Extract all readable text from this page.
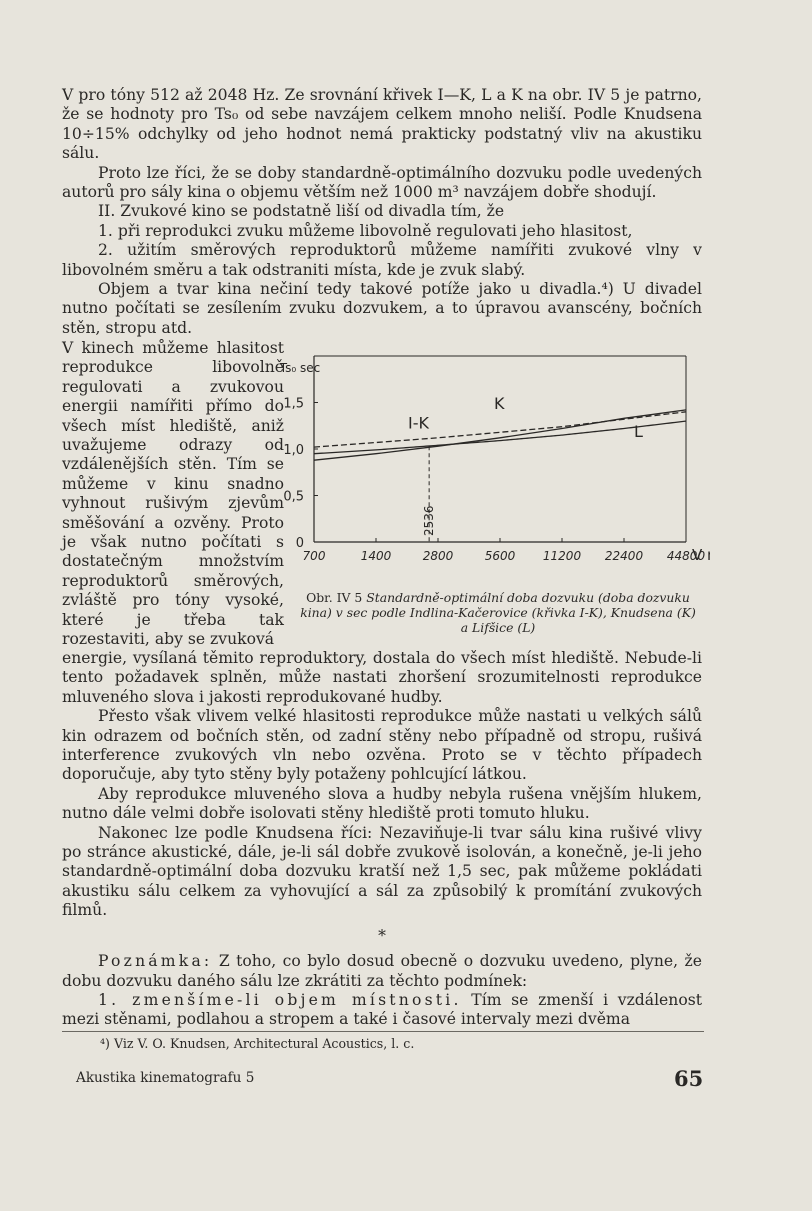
V pro tóny 512 až 2048 Hz. Ze srovnání křivek I—K, L a K na obr. IV 5 je patrno, že se hodnoty pro Ts₀ od sebe navzájem celkem mnoho neliší. Podle Knudsena 10÷15% odchylky od jeho hodnot nemá prakticky podstatný vliv na akustiku sálu.

Proto lze říci, že se doby standardně-optimálního dozvuku podle uvedených autorů pro sály kina o objemu větším než 1000 m³ navzájem dobře shodují.

II. Zvukové kino se podstatně liší od divadla tím, že

1. při reprodukci zvuku můžeme libovolně regulovati jeho hlasitost,

2. užitím směrových reproduktorů můžeme namířiti zvukové vlny v libovolném směru a tak odstraniti místa, kde je zvuk slabý.

Objem a tvar kina nečiní tedy takové potíže jako u divadla.⁴) U divadel nutno počítati se zesílením zvuku dozvukem, a to úpravou avanscény, bočních stěn, stropu atd.

V kinech můžeme hlasitost reprodukce libovolně regulovati a zvukovou energii namířiti přímo do všech míst hlediště, aniž uvažujeme odrazy od vzdálenějších stěn. Tím se můžeme v kinu snadno vyhnout rušivým zjevům směšování a ozvěny. Proto je však nutno počítati s dostatečným množstvím reproduktorů směrových, zvláště pro tóny vysoké, které je třeba tak rozestaviti, aby se zvuková

700	1400	2800	5600 11200 22400 44800
0
0,5
1,0
1,5
Ts₀ sec
V
I-K
K
L
2536
Obr. IV 5 Standardně-optimální doba dozvuku (doba dozvuku kina) v sec podle Indlina-Kačerovice (křivka I-K), Knudsena (K) a Lifšice (L)

energie, vysílaná těmito reproduktory, dostala do všech míst hlediště. Nebude-li tento požadavek splněn, může nastati zhoršení srozumitelnosti reprodukce mluveného slova i jakosti reprodukované hudby.

Přesto však vlivem velké hlasitosti reprodukce může nastati u velkých sálů kin odrazem od bočních stěn, od zadní stěny nebo případně od stropu, rušivá interference zvukových vln nebo ozvěna. Proto se v těchto případech doporučuje, aby tyto stěny byly potaženy pohlcující látkou.

Aby reprodukce mluveného slova a hudby nebyla rušena vnějším hlukem, nutno dále velmi dobře isolovati stěny hlediště proti tomuto hluku.

Nakonec lze podle Knudsena říci: Nezaviňuje-li tvar sálu kina rušivé vlivy po stránce akustické, dále, je-li sál dobře zvukově isolován, a konečně, je-li jeho standardně-optimální doba dozvuku kratší než 1,5 sec, pak můžeme pokládati akustiku sálu celkem za vyhovující a sál za způsobilý k promítání zvukových filmů.

*

Poznámka: Z toho, co bylo dosud obecně o dozvuku uvedeno, plyne, že dobu dozvuku daného sálu lze zkrátiti za těchto podmínek:

1. zmenšíme-li objem místnosti. Tím se zmenší i vzdálenost mezi stěnami, podlahou a stropem a také i časové intervaly mezi dvěma

⁴) Viz V. O. Knudsen, Architectural Acoustics, l. c.
Akustika kinematografu 5	65
